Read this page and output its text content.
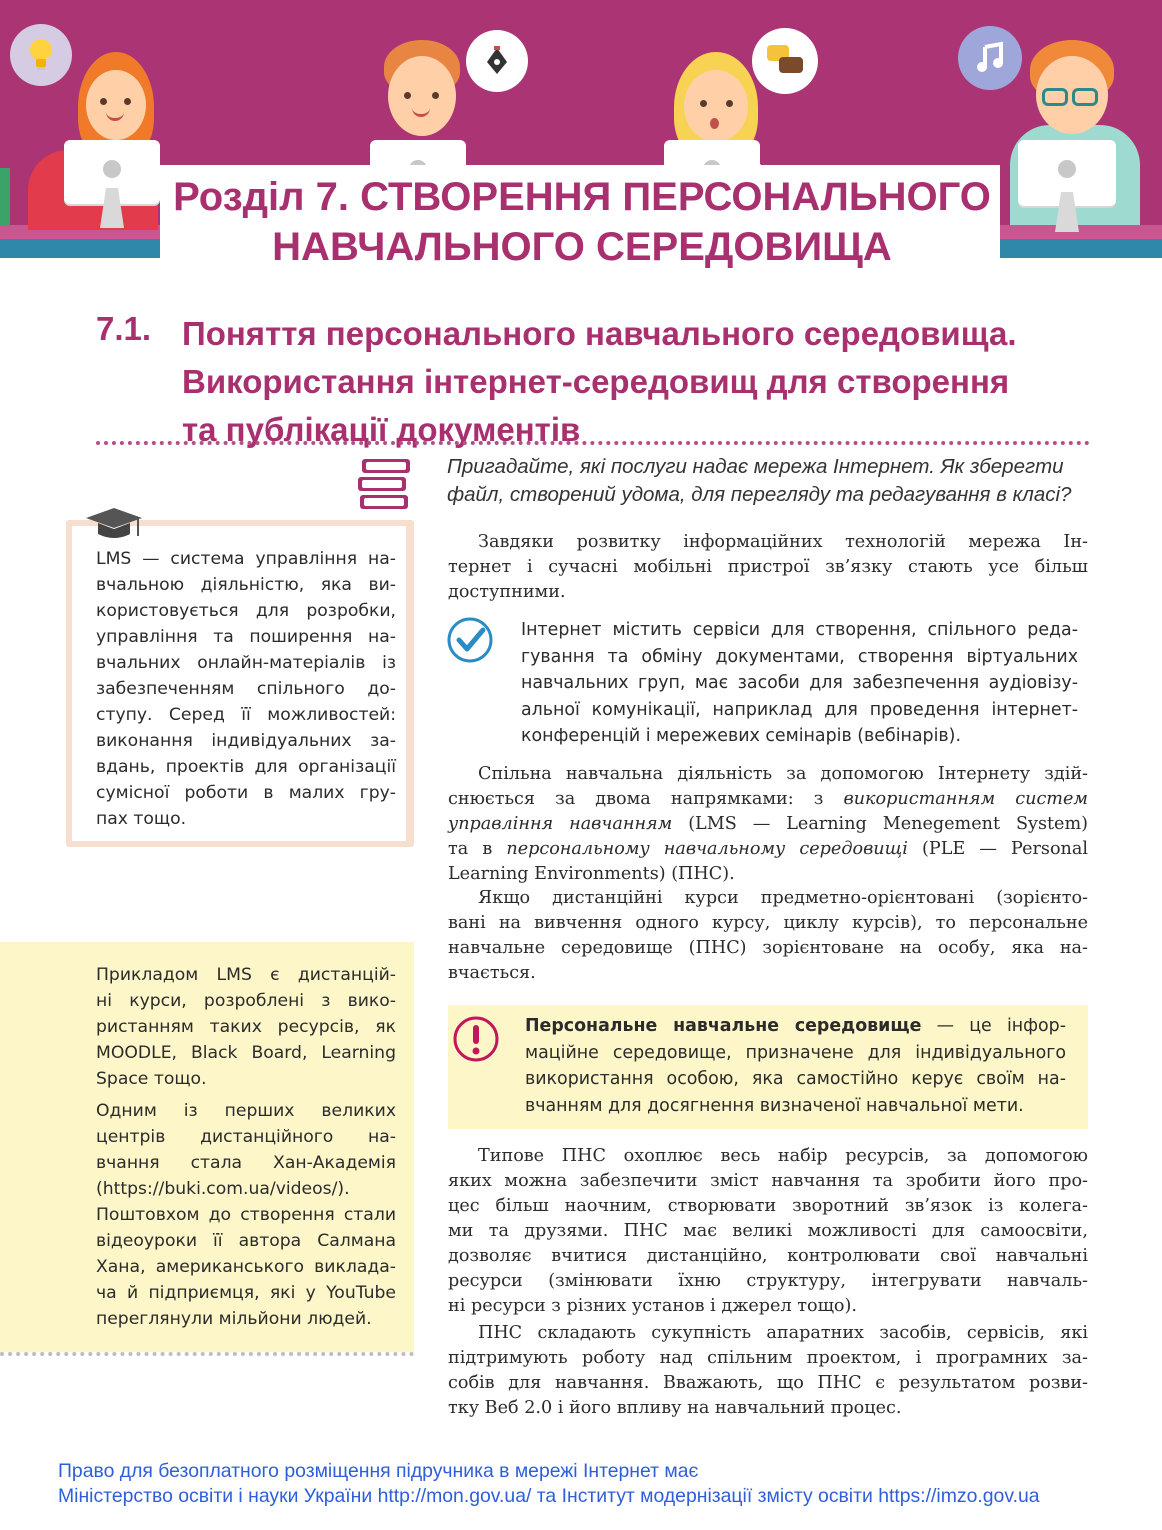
Розділ 7. СТВОРЕННЯ ПЕРСОНАЛЬНОГО
НАВЧАЛЬНОГО СЕРЕДОВИЩА
7.1. Поняття персонального навчального середовища.
Використання інтернет-середовищ для створення
та публікації документів
Пригадайте, які послуги надає мережа Інтернет. Як зберегти
файл, створений удома, для перегляду та редагування в класі?
LMS — система управління на-
вчальною діяльністю, яка ви-
користовується для розробки,
управління та поширення на-
вчальних онлайн-матеріалів із
забезпеченням спільного до-
ступу. Серед її можливостей:
виконання індивідуальних за-
вдань, проектів для організації
сумісної роботи в малих гру-
пах тощо.
Прикладом LMS є дистанцій-
ні курси, розроблені з вико-
ристанням таких ресурсів, як
MOODLE, Black Board, Learning
Space тощо.
Одним із перших великих
центрів дистанційного на-
вчання стала Хан-Академія
(https://buki.com.ua/videos/).
Поштовхом до створення стали
відеоуроки її автора Салмана
Хана, американського виклада-
ча й підприємця, які у YouTube
переглянули мільйони людей.
Завдяки розвитку інформаційних технологій мережа Ін-
тернет і сучасні мобільні пристрої зв’язку стають усе більш
доступними.
Інтернет містить сервіси для створення, спільного реда-
гування та обміну документами, створення віртуальних
навчальних груп, має засоби для забезпечення аудіовізу-
альної комунікації, наприклад для проведення інтернет-
конференцій і мережевих семінарів (вебінарів).
Спільна навчальна діяльність за допомогою Інтернету здій-
снюється за двома напрямками: з використанням систем
управління навчанням (LMS — Learning Menegement System)
та в персональному навчальному середовищі (PLE — Personal
Learning Environments) (ПНС).
Якщо дистанційні курси предметно-орієнтовані (зорієнто-
вані на вивчення одного курсу, циклу курсів), то персональне
навчальне середовище (ПНС) зорієнтоване на особу, яка на-
вчається.
Персональне навчальне середовище — це інфор-
маційне середовище, призначене для індивідуального
використання особою, яка самостійно керує своїм на-
вчанням для досягнення визначеної навчальної мети.
Типове ПНС охоплює весь набір ресурсів, за допомогою
яких можна забезпечити зміст навчання та зробити його про-
цес більш наочним, створювати зворотний зв’язок із колега-
ми та друзями. ПНС має великі можливості для самоосвіти,
дозволяє вчитися дистанційно, контролювати свої навчальні
ресурси (змінювати їхню структуру, інтегрувати навчаль-
ні ресурси з різних установ і джерел тощо).
ПНС складають сукупність апаратних засобів, сервісів, які
підтримують роботу над спільним проектом, і програмних за-
собів для навчання. Вважають, що ПНС є результатом розви-
тку Веб 2.0 і його впливу на навчальний процес.
Право для безоплатного розміщення підручника в мережі Інтернет має
Міністерство освіти і науки України http://mon.gov.ua/ та Інститут модернізації змісту освіти https://imzo.gov.ua
